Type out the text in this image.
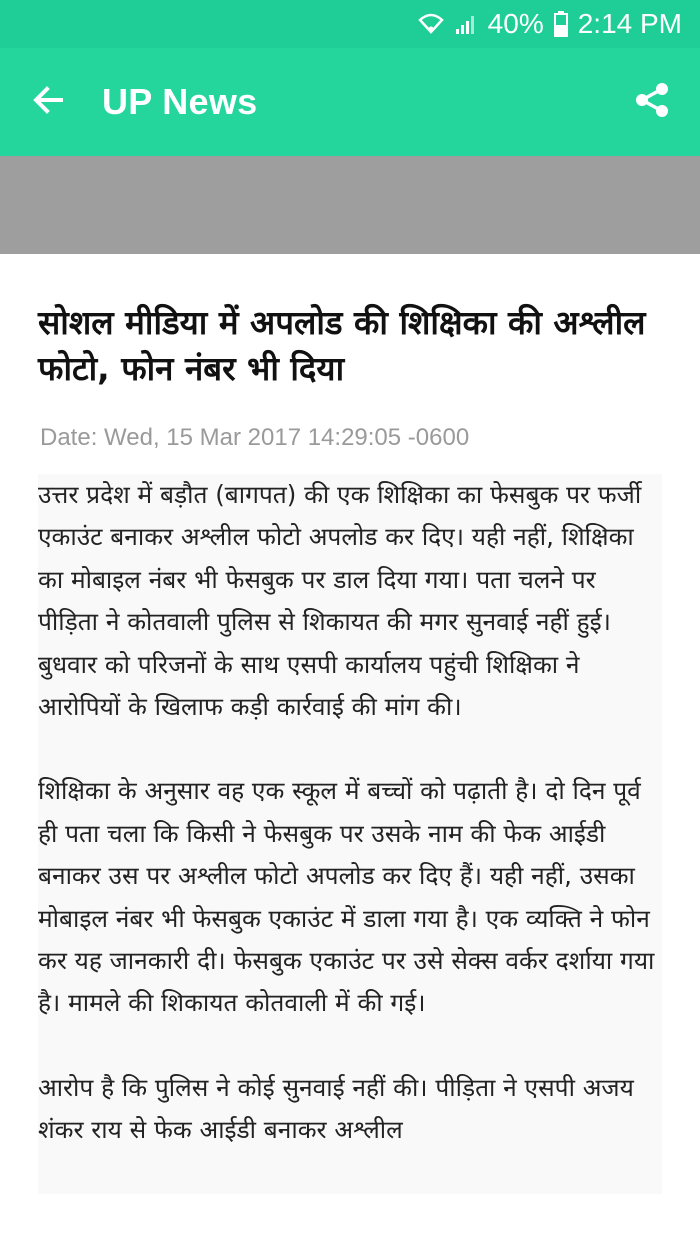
40% 2:14 PM
UP News
सोशल मीडिया में अपलोड की शिक्षिका की अश्लील फोटो, फोन नंबर भी दिया
Date: Wed, 15 Mar 2017 14:29:05 -0600

उत्तर प्रदेश में बड़ौत (बागपत) की एक शिक्षिका का फेसबुक पर फर्जी एकाउंट बनाकर अश्लील फोटो अपलोड कर दिए। यही नहीं, शिक्षिका का मोबाइल नंबर भी फेसबुक पर डाल दिया गया। पता चलने पर पीड़िता ने कोतवाली पुलिस से शिकायत की मगर सुनवाई नहीं हुई। बुधवार को परिजनों के साथ एसपी कार्यालय पहुंची शिक्षिका ने आरोपियों के खिलाफ कड़ी कार्रवाई की मांग की।

शिक्षिका के अनुसार वह एक स्कूल में बच्चों को पढ़ाती है। दो दिन पूर्व ही पता चला कि किसी ने फेसबुक पर उसके नाम की फेक आईडी बनाकर उस पर अश्लील फोटो अपलोड कर दिए हैं। यही नहीं, उसका मोबाइल नंबर भी फेसबुक एकाउंट में डाला गया है। एक व्यक्ति ने फोन कर यह जानकारी दी। फेसबुक एकाउंट पर उसे सेक्स वर्कर दर्शाया गया है। मामले की शिकायत कोतवाली में की गई।

आरोप है कि पुलिस ने कोई सुनवाई नहीं की। पीड़िता ने एसपी अजय शंकर राय से फेक आईडी बनाकर अश्लील
